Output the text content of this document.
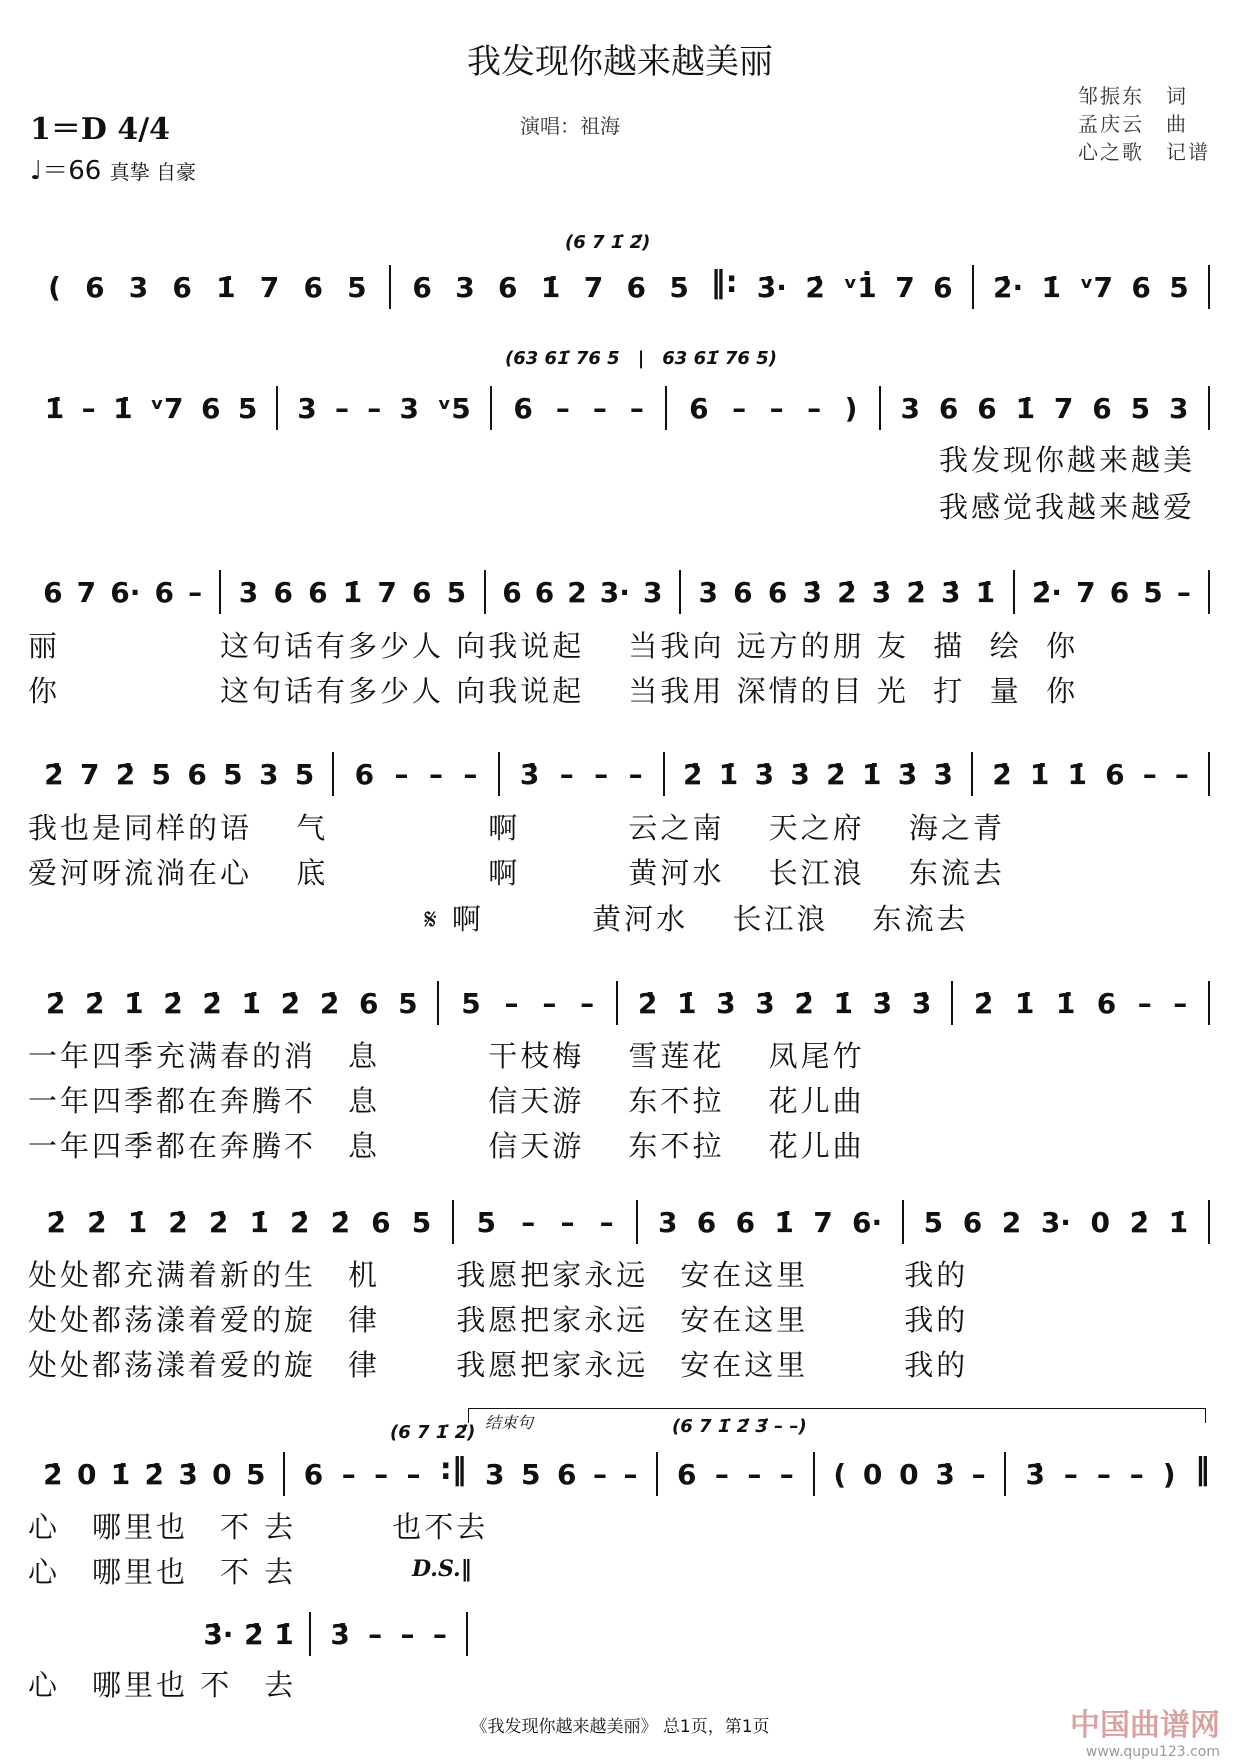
我发现你越来越美丽
1＝D 4/4
♩＝66 真挚 自豪
演唱：祖海
邹振东　词
孟庆云　曲
心之歌　记谱
(6 7 1̇ 2̇)
( 6 3 6 1̇ 7 6 5 6 3 6 1̇ 7 6 5 ‖: 3̇· 2̇ ᵛ1̇ 7 6 2̇· 1̇ ᵛ7 6 5
(63 61̇ 76 5　|　63 61̇ 76 5)
1̇ – 1̇ ᵛ7 6 5 3 – – 3 ᵛ5 6 – – – 6 – – – ) 3 6 6 1̇ 7 6 5 3
我发现你越来越美
我感觉我越来越爱
6 7 6· 6 – 3 6 6 1̇ 7 6 5 6 6 2 3· 3 3 6 6 3̇ 2̇ 3̇ 2̇ 3̇ 1̇ 2̇· 7 6 5 –
丽　　　　　这句话有多少人 向我说起　 当我向 远方的朋 友  描  绘  你
你　　　　　这句话有多少人 向我说起　 当我用 深情的目 光  打  量  你
2̇ 7 2̇ 5 6 5 3 5 6 – – – 3̇ – – – 2̇ 1̇ 3̇ 3̇ 2̇ 1̇ 3̇ 3̇ 2̇ 1̇ 1̇ 6 – –
我也是同样的语　 气　　　　　啊　　　 云之南　 天之府　 海之青
爱河呀流淌在心　 底　　　　　啊　　　 黄河水　 长江浪　 东流去
　　　　　　　　　　　　 𝄋 啊　　　 黄河水　 长江浪　 东流去
2̇ 2̇ 1̇ 2̇ 2̇ 1̇ 2̇ 2̇ 6 5 5 – – – 2̇ 1̇ 3̇ 3̇ 2̇ 1̇ 3̇ 3̇ 2̇ 1̇ 1̇ 6 – –
一年四季充满春的消　息　　　 干枝梅　 雪莲花　 凤尾竹
一年四季都在奔腾不　息　　　 信天游　 东不拉　 花儿曲
一年四季都在奔腾不　息　　　 信天游　 东不拉　 花儿曲
2̇ 2̇ 1̇ 2̇ 2̇ 1̇ 2̇ 2̇ 6 5 5 – – – 3 6 6 1̇ 7 6· 5 6 2 3· 0 2̇ 1̇
处处都充满着新的生　机　　 我愿把家永远　安在这里　　　我的
处处都荡漾着爱的旋　律　　 我愿把家永远　安在这里　　　我的
处处都荡漾着爱的旋　律　　 我愿把家永远　安在这里　　　我的
(6 7 1̇ 2̇) 结束句	(6 7 1̇ 2̇ 3̇ – –)
2̇ 0 1̇ 2̇ 3̇ 0 5 6 – – – :‖ 3 5 6 – – 6 – – – ( 0 0 3̇ – 3̇ – – – ) ‖
心　哪里也　不 去　　　也不去
心　哪里也　不 去	D.S.‖
3̇· 2̇ 1̇ 3̇ – – –
心　哪里也 不　去
《我发现你越来越美丽》 总1页，第1页	中国曲谱网
www.qupu123.com
